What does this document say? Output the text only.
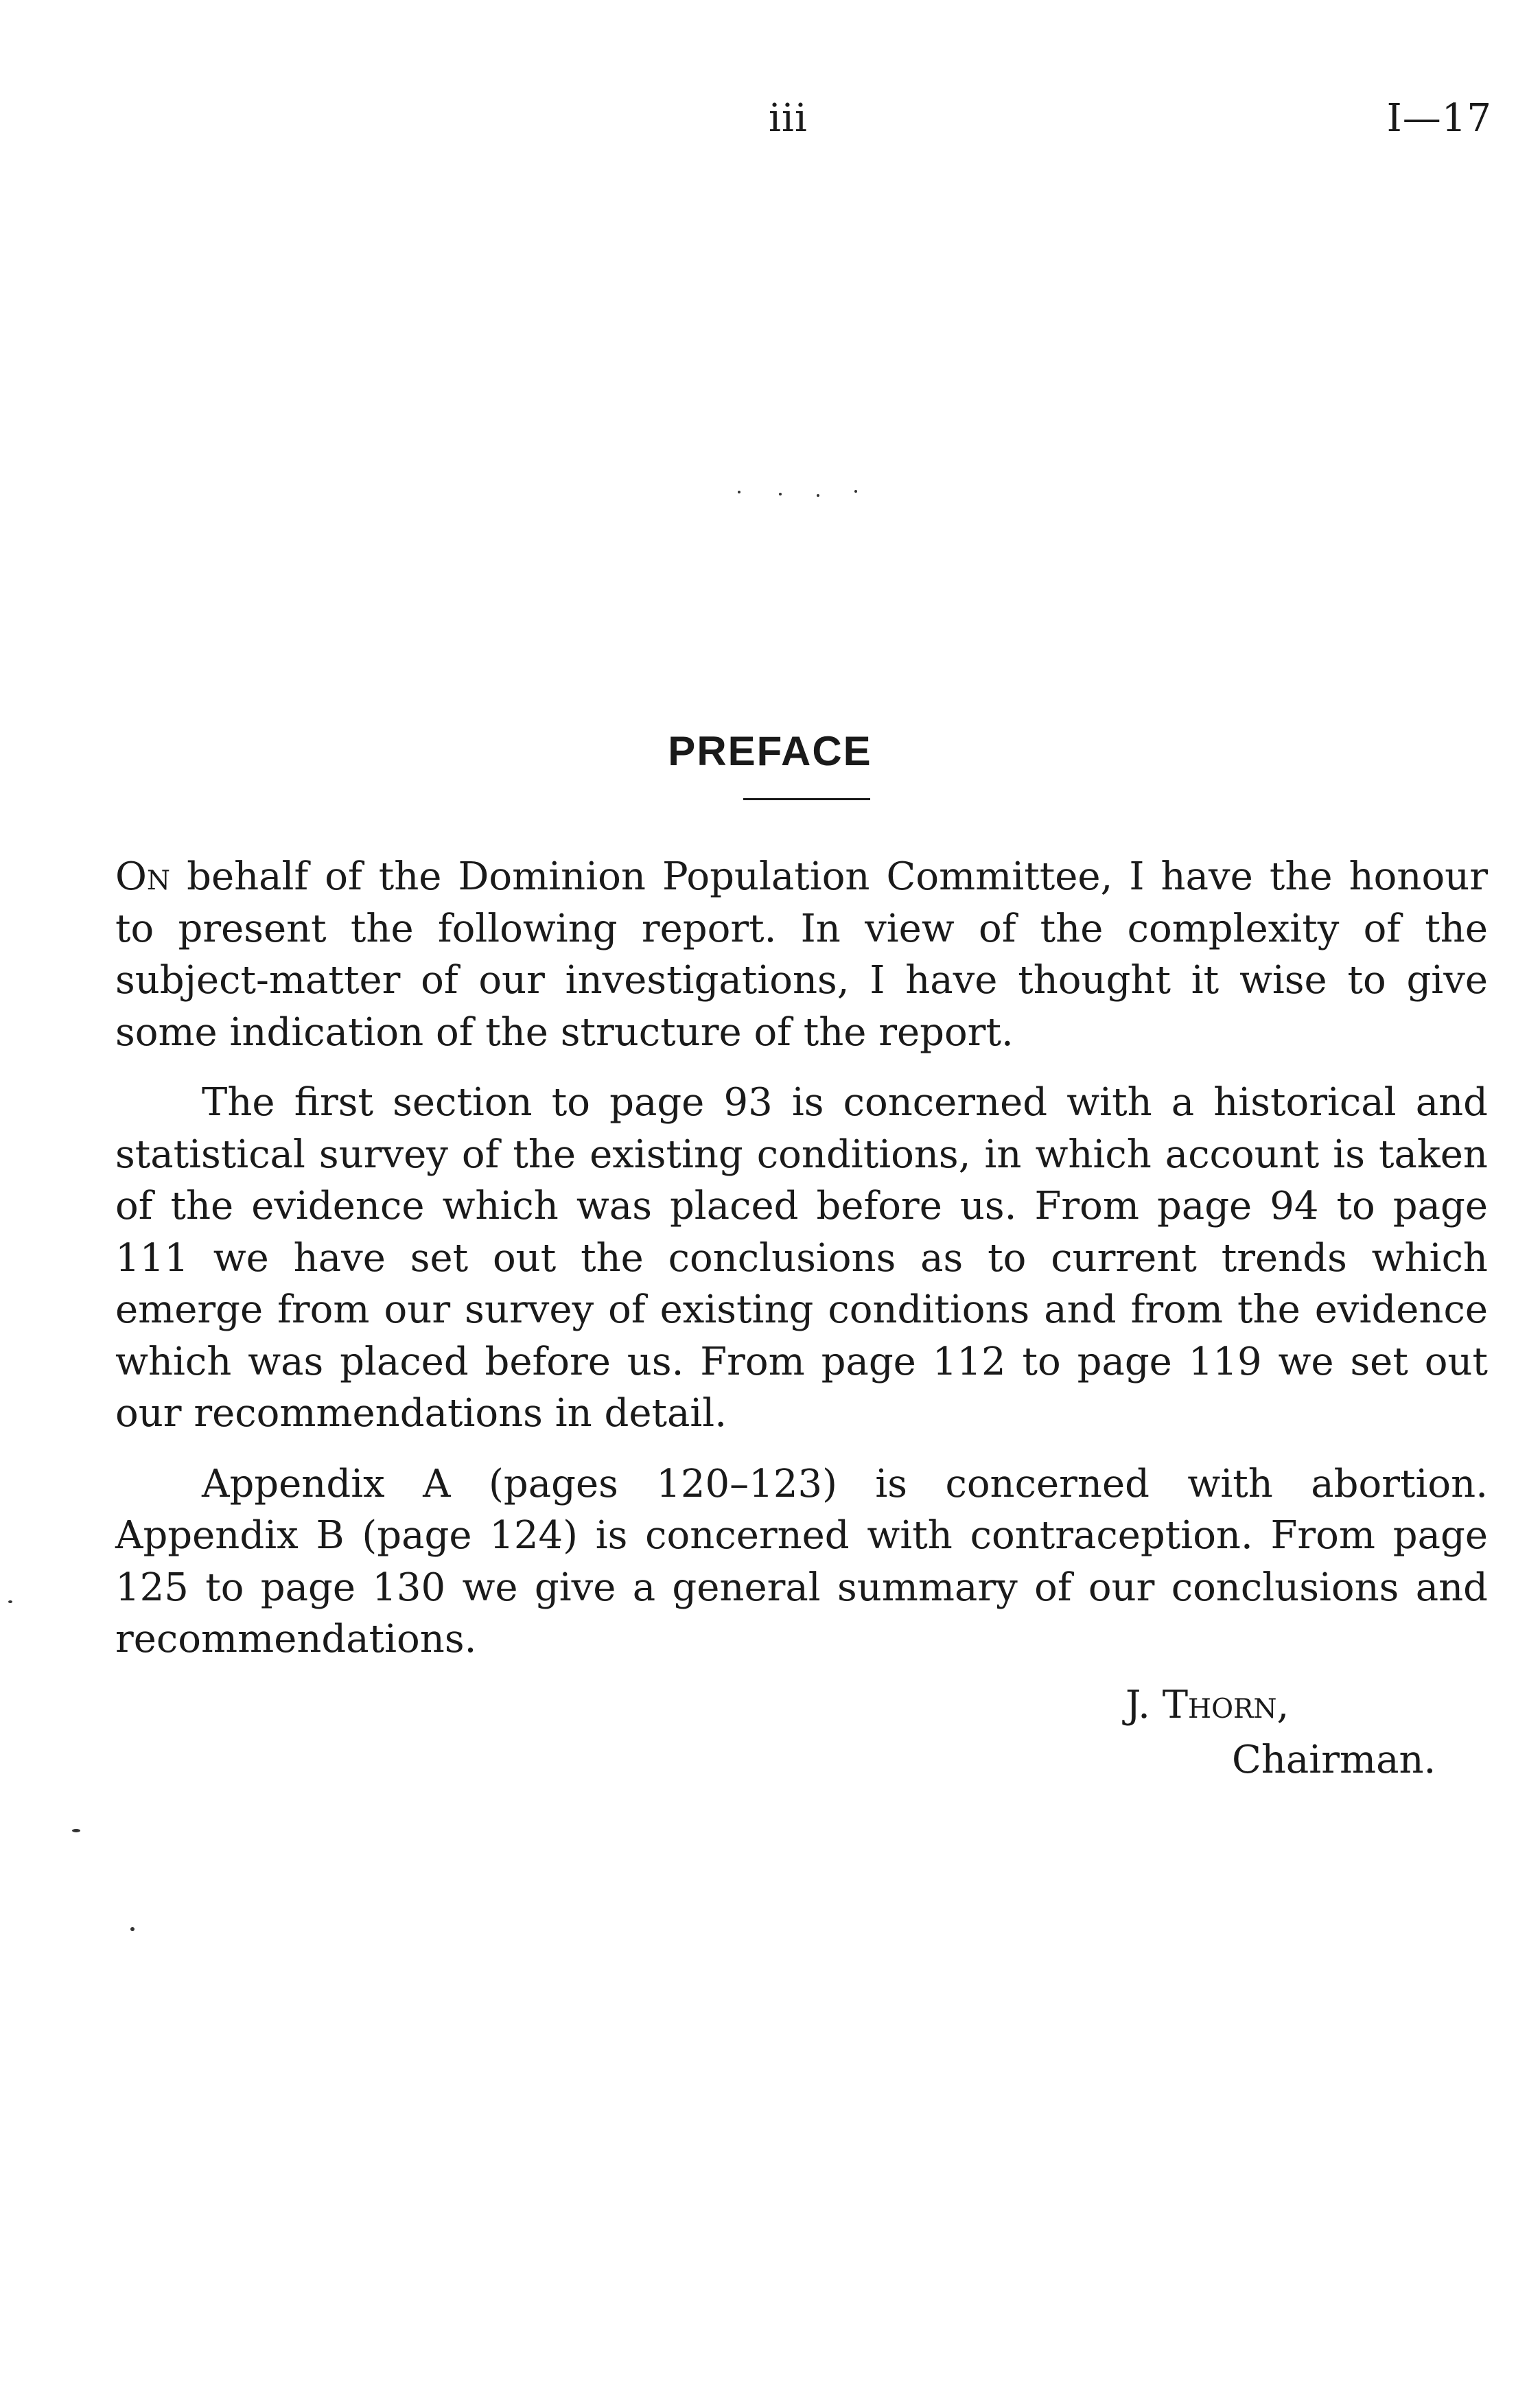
iii	I—17
PREFACE

On behalf of the Dominion Population Committee, I have the honour to present the following report. In view of the complexity of the subject-matter of our investigations, I have thought it wise to give some indication of the structure of the report.

The first section to page 93 is concerned with a historical and statistical survey of the existing conditions, in which account is taken of the evidence which was placed before us. From page 94 to page 111 we have set out the conclusions as to current trends which emerge from our survey of existing conditions and from the evidence which was placed before us. From page 112 to page 119 we set out our recommendations in detail.

Appendix A (pages 120–123) is concerned with abortion. Appendix B (page 124) is concerned with contraception. From page 125 to page 130 we give a general summary of our conclusions and recommendations.

J. Thorn,
Chairman.
